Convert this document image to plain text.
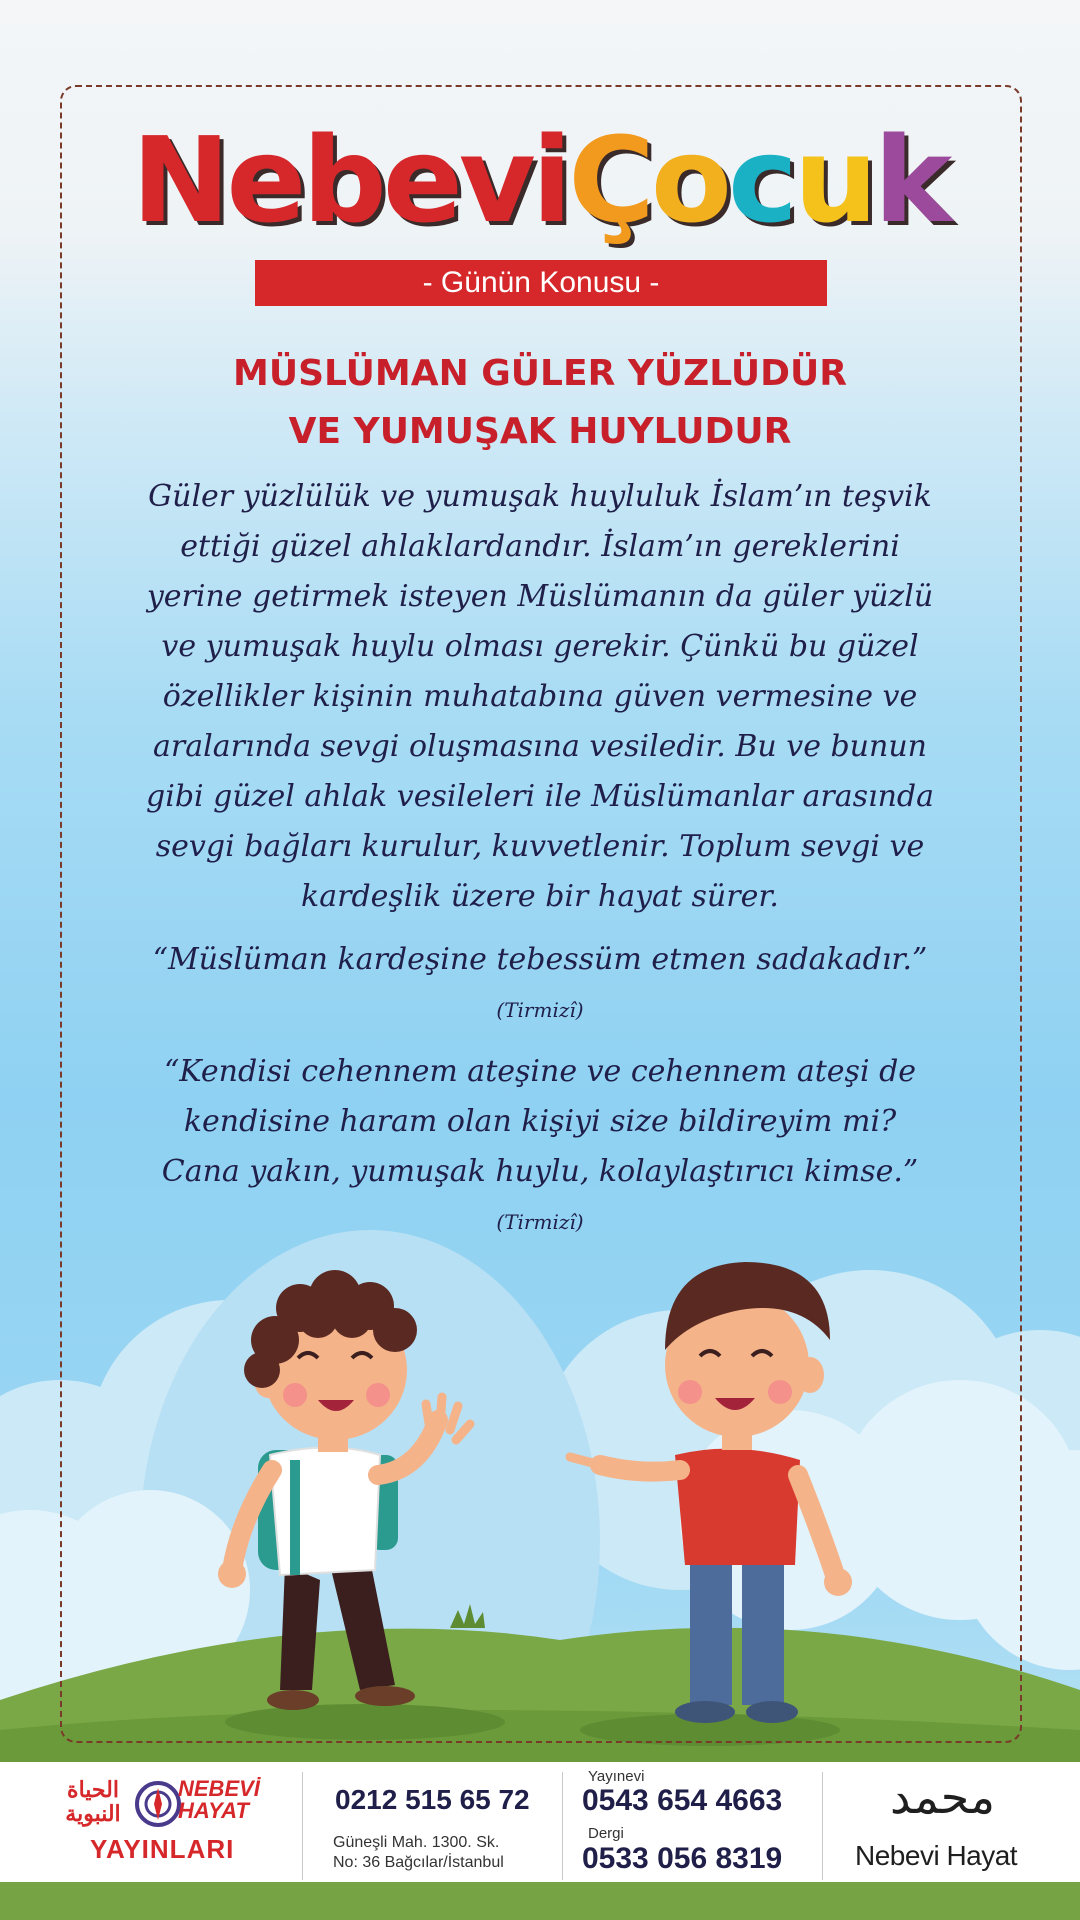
NebeviÇocuk
- Günün Konusu -
MÜSLÜMAN GÜLER YÜZLÜDÜR
VE YUMUŞAK HUYLUDUR
Güler yüzlülük ve yumuşak huyluluk İslam’ın teşvik ettiği güzel ahlaklardandır. İslam’ın gereklerini yerine getirmek isteyen Müslümanın da güler yüzlü ve yumuşak huylu olması gerekir. Çünkü bu güzel özellikler kişinin muhatabına güven vermesine ve aralarında sevgi oluşmasına vesiledir. Bu ve bunun gibi güzel ahlak vesileleri ile Müslümanlar arasında sevgi bağları kurulur, kuvvetlenir. Toplum sevgi ve kardeşlik üzere bir hayat sürer.
“Müslüman kardeşine tebessüm etmen sadakadır.”
(Tirmizî)
“Kendisi cehennem ateşine ve cehennem ateşi de
kendisine haram olan kişiyi size bildireyim mi?
Cana yakın, yumuşak huylu, kolaylaştırıcı kimse.”
(Tirmizî)
الحياة
النبوية
NEBEVİ
HAYAT
YAYINLARI
0212 515 65 72
Güneşli Mah. 1300. Sk.
No: 36 Bağcılar/İstanbul
Yayınevi
0543 654 4663
Dergi
0533 056 8319
محمد
Nebevi Hayat
